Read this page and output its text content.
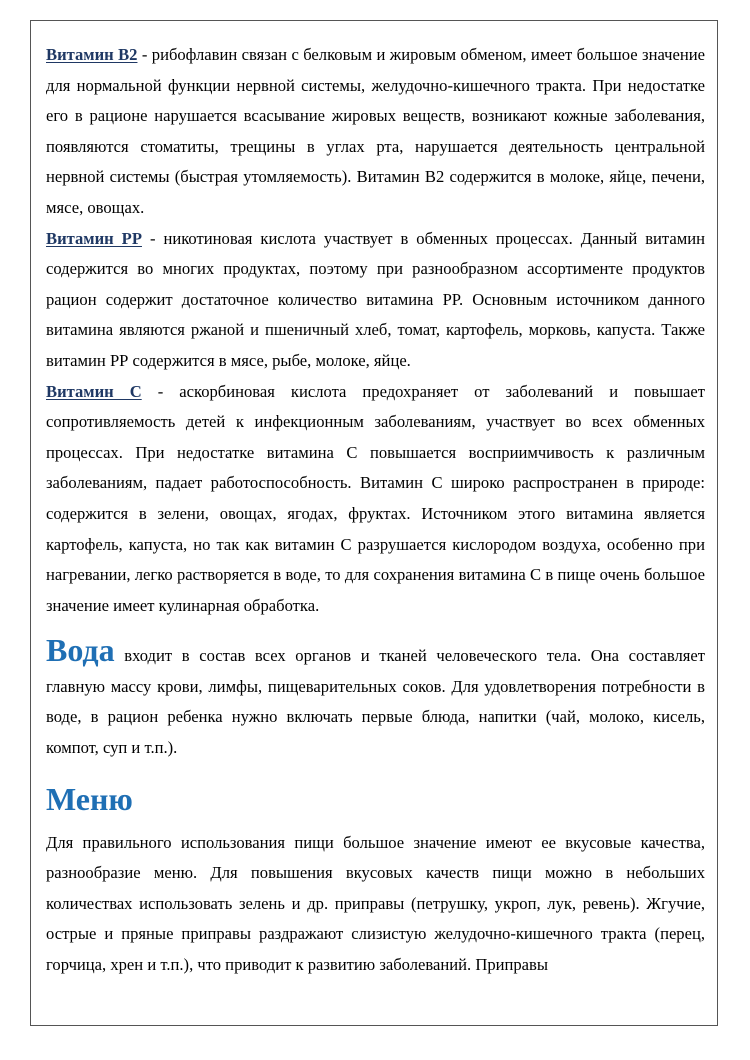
Витамин В2 - рибофлавин связан с белковым и жировым обменом, имеет большое значение для нормальной функции нервной системы, желудочно-кишечного тракта. При недостатке его в рационе нарушается всасывание жировых веществ, возникают кожные заболевания, появляются стоматиты, трещины в углах рта, нарушается деятельность центральной нервной системы (быстрая утомляемость). Витамин В2 содержится в молоке, яйце, печени, мясе, овощах.

Витамин РР - никотиновая кислота участвует в обменных процессах. Данный витамин содержится во многих продуктах, поэтому при разнообразном ассортименте продуктов рацион содержит достаточное количество витамина РР. Основным источником данного витамина являются ржаной и пшеничный хлеб, томат, картофель, морковь, капуста. Также витамин РР содержится в мясе, рыбе, молоке, яйце.

Витамин С - аскорбиновая кислота предохраняет от заболеваний и повышает сопротивляемость детей к инфекционным заболеваниям, участвует во всех обменных процессах. При недостатке витамина С повышается восприимчивость к различным заболеваниям, падает работоспособность. Витамин С широко распространен в природе: содержится в зелени, овощах, ягодах, фруктах. Источником этого витамина является картофель, капуста, но так как витамин С разрушается кислородом воздуха, особенно при нагревании, легко растворяется в воде, то для сохранения витамина С в пище очень большое значение имеет кулинарная обработка.

Вода входит в состав всех органов и тканей человеческого тела. Она составляет главную массу крови, лимфы, пищеварительных соков. Для удовлетворения потребности в воде, в рацион ребенка нужно включать первые блюда, напитки (чай, молоко, кисель, компот, суп и т.п.).

Меню

Для правильного использования пищи большое значение имеют ее вкусовые качества, разнообразие меню. Для повышения вкусовых качеств пищи можно в небольших количествах использовать зелень и др. приправы (петрушку, укроп, лук, ревень). Жгучие, острые и пряные приправы раздражают слизистую желудочно-кишечного тракта (перец, горчица, хрен и т.п.), что приводит к развитию заболеваний. Приправы
